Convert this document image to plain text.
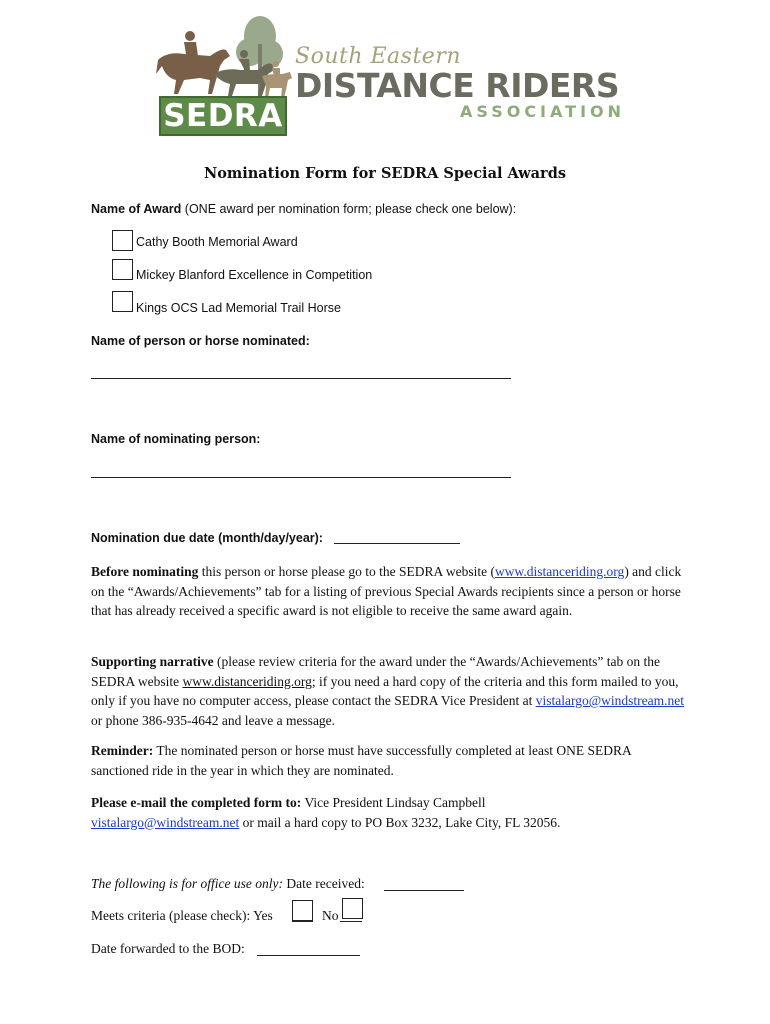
SEDRA
South Eastern
DISTANCE RIDERS
ASSOCIATION
Nomination Form for SEDRA Special Awards
Name of Award (ONE award per nomination form; please check one below):
Cathy Booth Memorial Award
Mickey Blanford Excellence in Competition
Kings OCS Lad Memorial Trail Horse
Name of person or horse nominated:
Name of nominating person:
Nomination due date (month/day/year):
Before nominating this person or horse please go to the SEDRA website (www.distanceriding.org) and click on the “Awards/Achievements” tab for a listing of previous Special Awards recipients since a person or horse that has already received a specific award is not eligible to receive the same award again.
Supporting narrative (please review criteria for the award under the “Awards/Achievements” tab on the SEDRA website www.distanceriding.org; if you need a hard copy of the criteria and this form mailed to you, only if you have no computer access, please contact the SEDRA Vice President at vistalargo@windstream.net or phone 386-935-4642 and leave a message.
Reminder: The nominated person or horse must have successfully completed at least ONE SEDRA sanctioned ride in the year in which they are nominated.
Please e-mail the completed form to: Vice President Lindsay Campbell
vistalargo@windstream.net or mail a hard copy to PO Box 3232, Lake City, FL 32056.
The following is for office use only: Date received:
Meets criteria (please check): Yes	No
Date forwarded to the BOD:
